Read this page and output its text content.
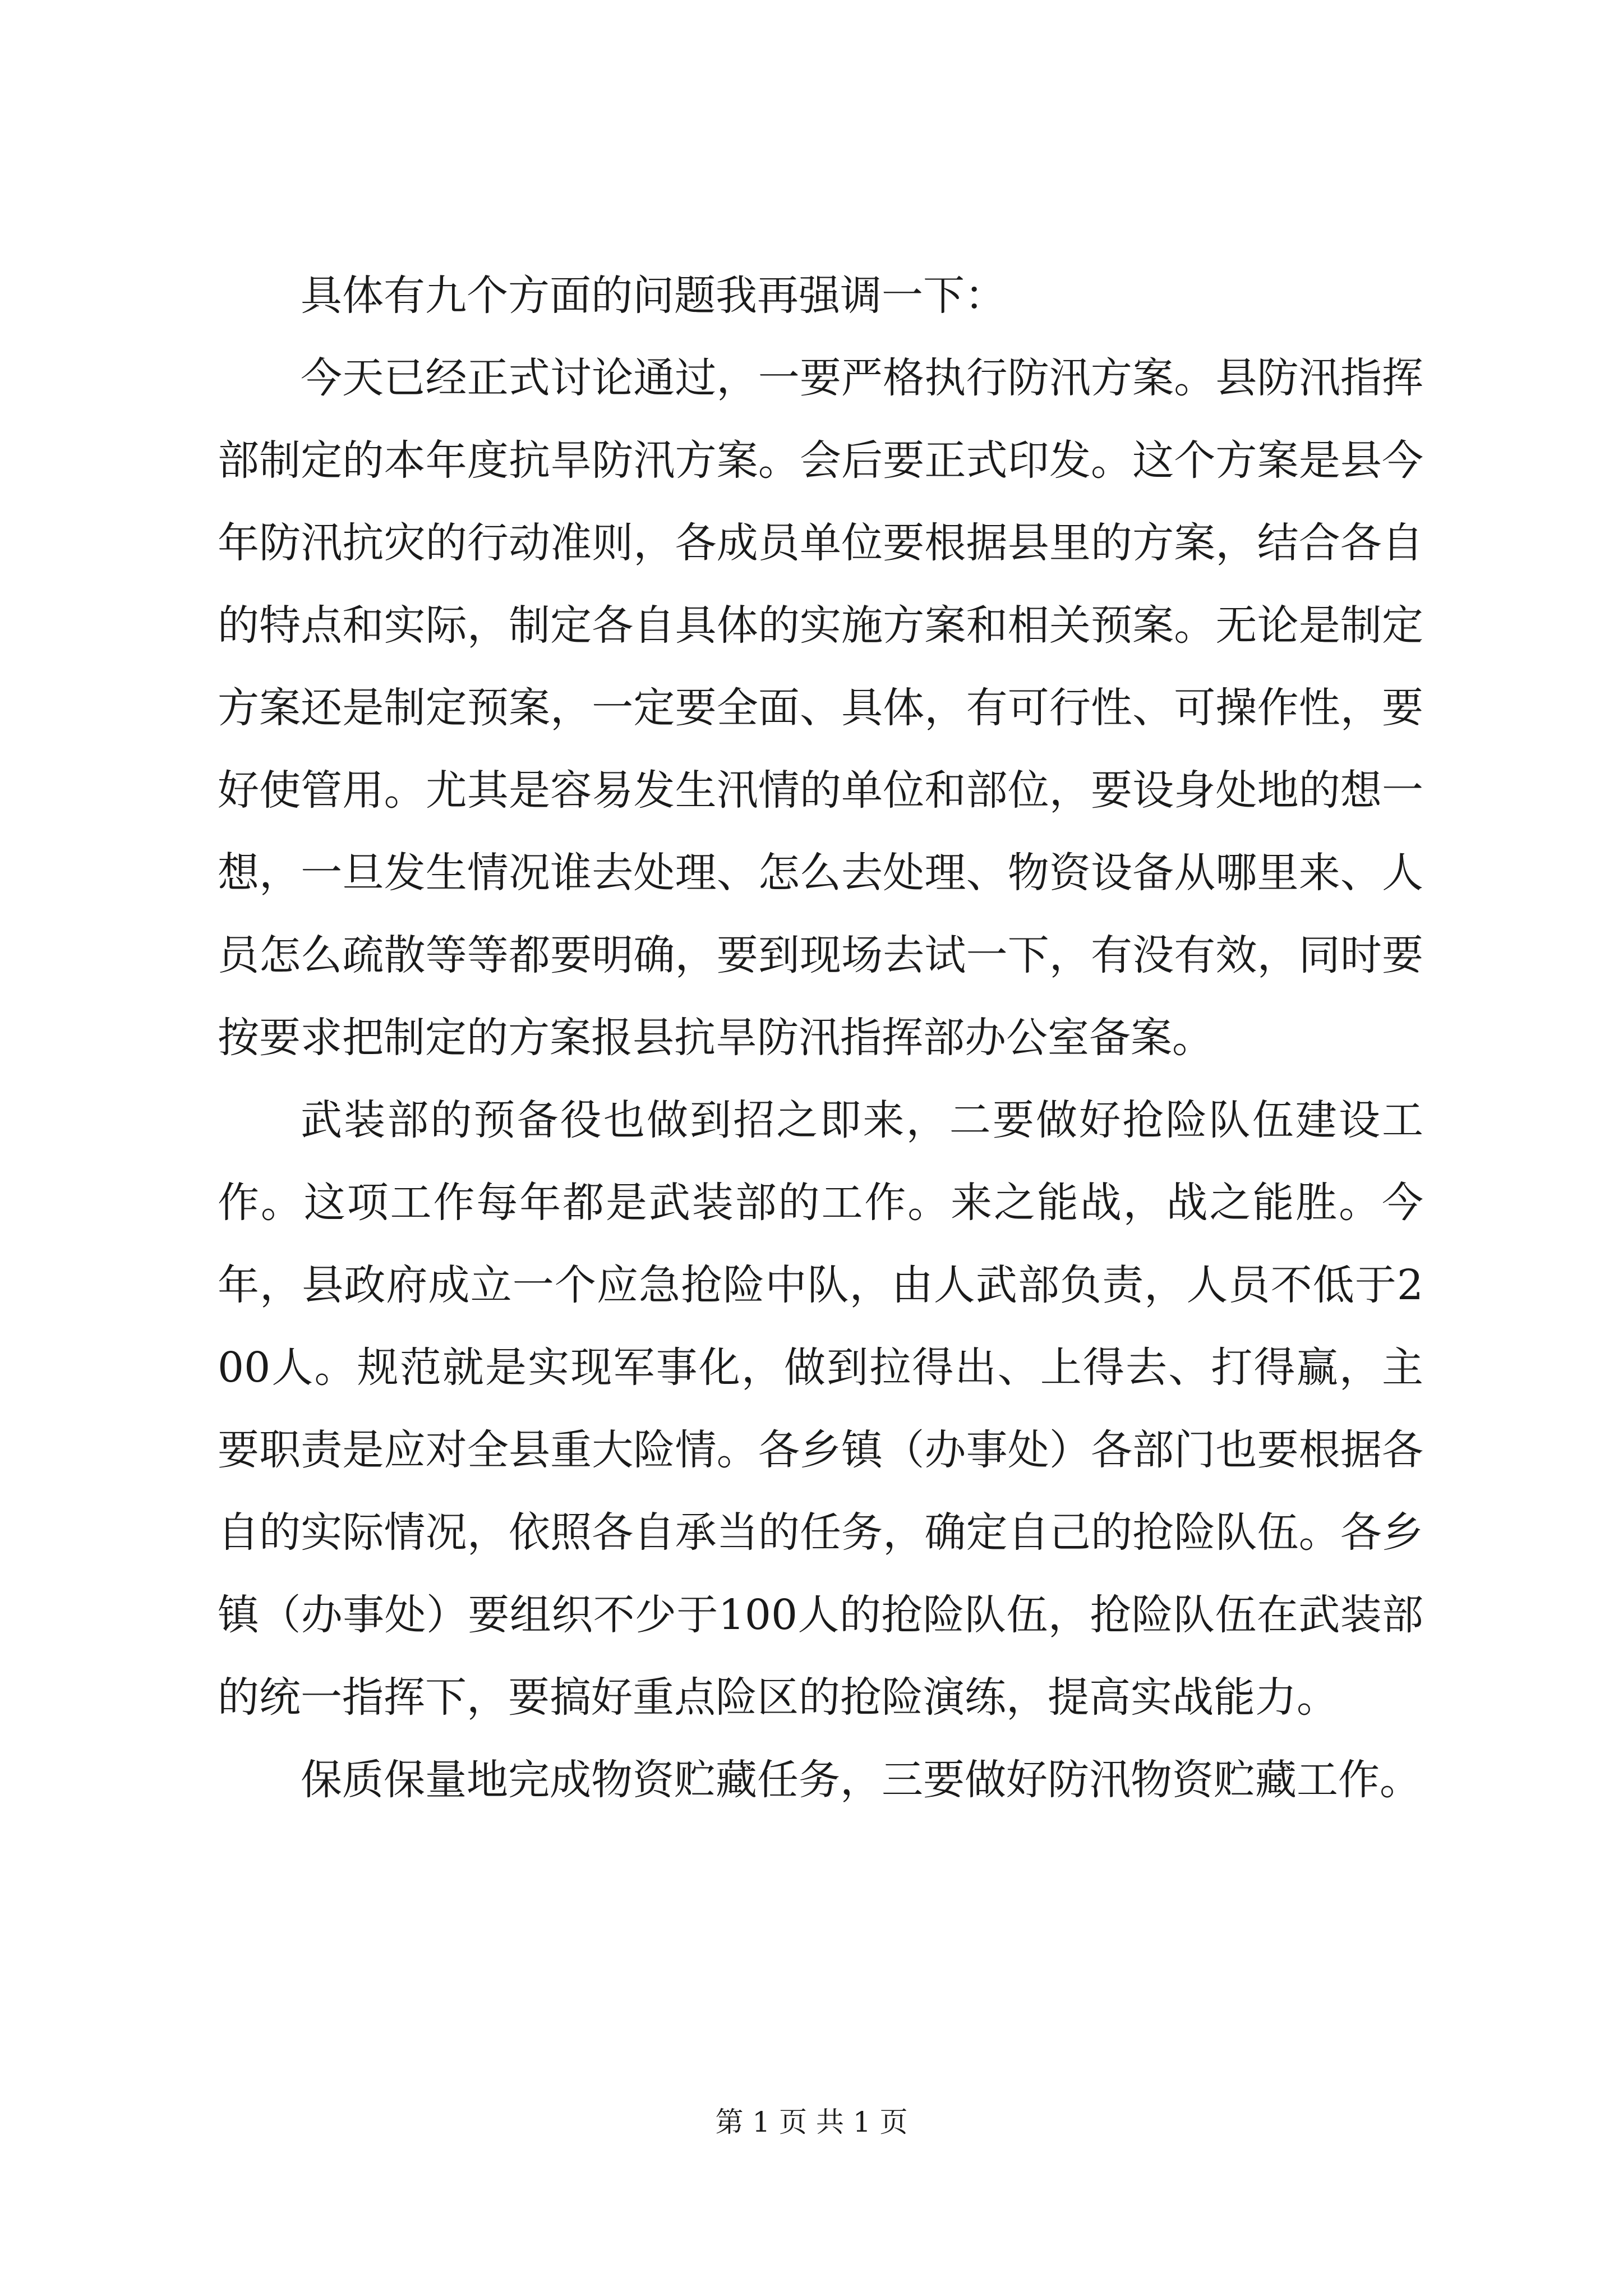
具体有九个方面的问题我再强调一下：

今天已经正式讨论通过，一要严格执行防汛方案。县防汛指挥部制定的本年度抗旱防汛方案。会后要正式印发。这个方案是县今年防汛抗灾的行动准则，各成员单位要根据县里的方案，结合各自的特点和实际，制定各自具体的实施方案和相关预案。无论是制定方案还是制定预案，一定要全面、具体，有可行性、可操作性，要好使管用。尤其是容易发生汛情的单位和部位，要设身处地的想一想，一旦发生情况谁去处理、怎么去处理、物资设备从哪里来、人员怎么疏散等等都要明确，要到现场去试一下，有没有效，同时要按要求把制定的方案报县抗旱防汛指挥部办公室备案。

武装部的预备役也做到招之即来，二要做好抢险队伍建设工作。这项工作每年都是武装部的工作。来之能战，战之能胜。今年，县政府成立一个应急抢险中队，由人武部负责，人员不低于200人。规范就是实现军事化，做到拉得出、上得去、打得赢，主要职责是应对全县重大险情。各乡镇（办事处）各部门也要根据各自的实际情况，依照各自承当的任务，确定自己的抢险队伍。各乡镇（办事处）要组织不少于100人的抢险队伍，抢险队伍在武装部的统一指挥下，要搞好重点险区的抢险演练，提高实战能力。

保质保量地完成物资贮藏任务，三要做好防汛物资贮藏工作。

第 1 页 共 1 页
